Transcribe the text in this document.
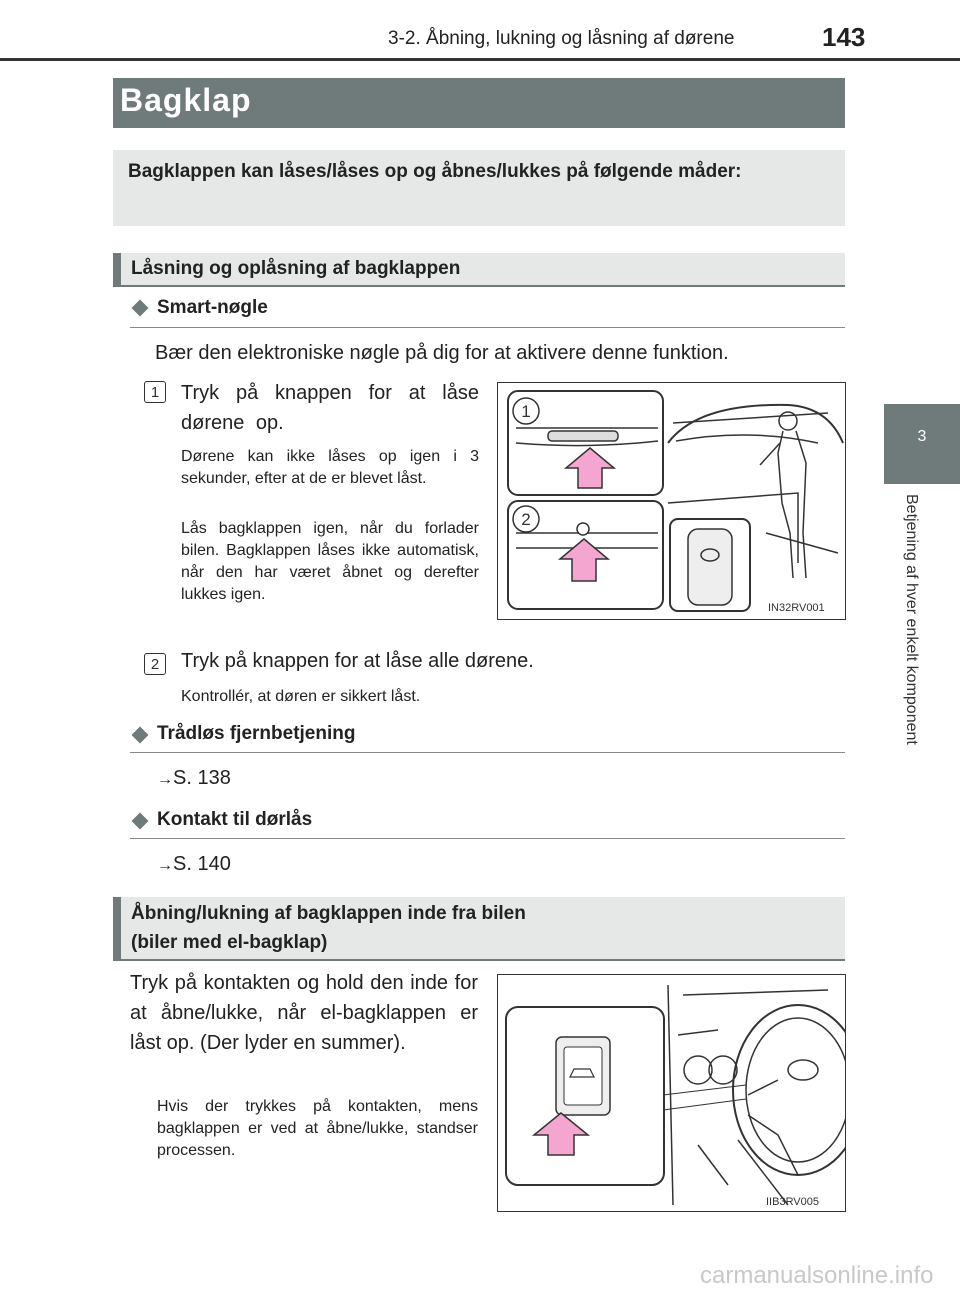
3-2. Åbning, lukning og låsning af dørene	143
3
Betjening af hver enkelt komponent
Bagklap
Bagklappen kan låses/låses op og åbnes/lukkes på følgende måder:
Låsning og oplåsning af bagklappen
Smart-nøgle
Bær den elektroniske nøgle på dig for at aktivere denne funktion.
1	Tryk på knappen for at låse dørene op.
Dørene kan ikke låses op igen i 3 sekunder, efter at de er blevet låst.
Lås bagklappen igen, når du forlader bilen. Bagklappen låses ikke automatisk, når den har været åbnet og derefter lukkes igen.
1
2
IN32RV001
2	Tryk på knappen for at låse alle dørene.
Kontrollér, at døren er sikkert låst.
Trådløs fjernbetjening
→S. 138
Kontakt til dørlås
→S. 140
Åbning/lukning af bagklappen inde fra bilen
(biler med el-bagklap)
Tryk på kontakten og hold den inde for at åbne/lukke, når el-bagklappen er låst op. (Der lyder en summer).
Hvis der trykkes på kontakten, mens bagklappen er ved at åbne/lukke, standser processen.
IIB3RV005
carmanualsonline.info
